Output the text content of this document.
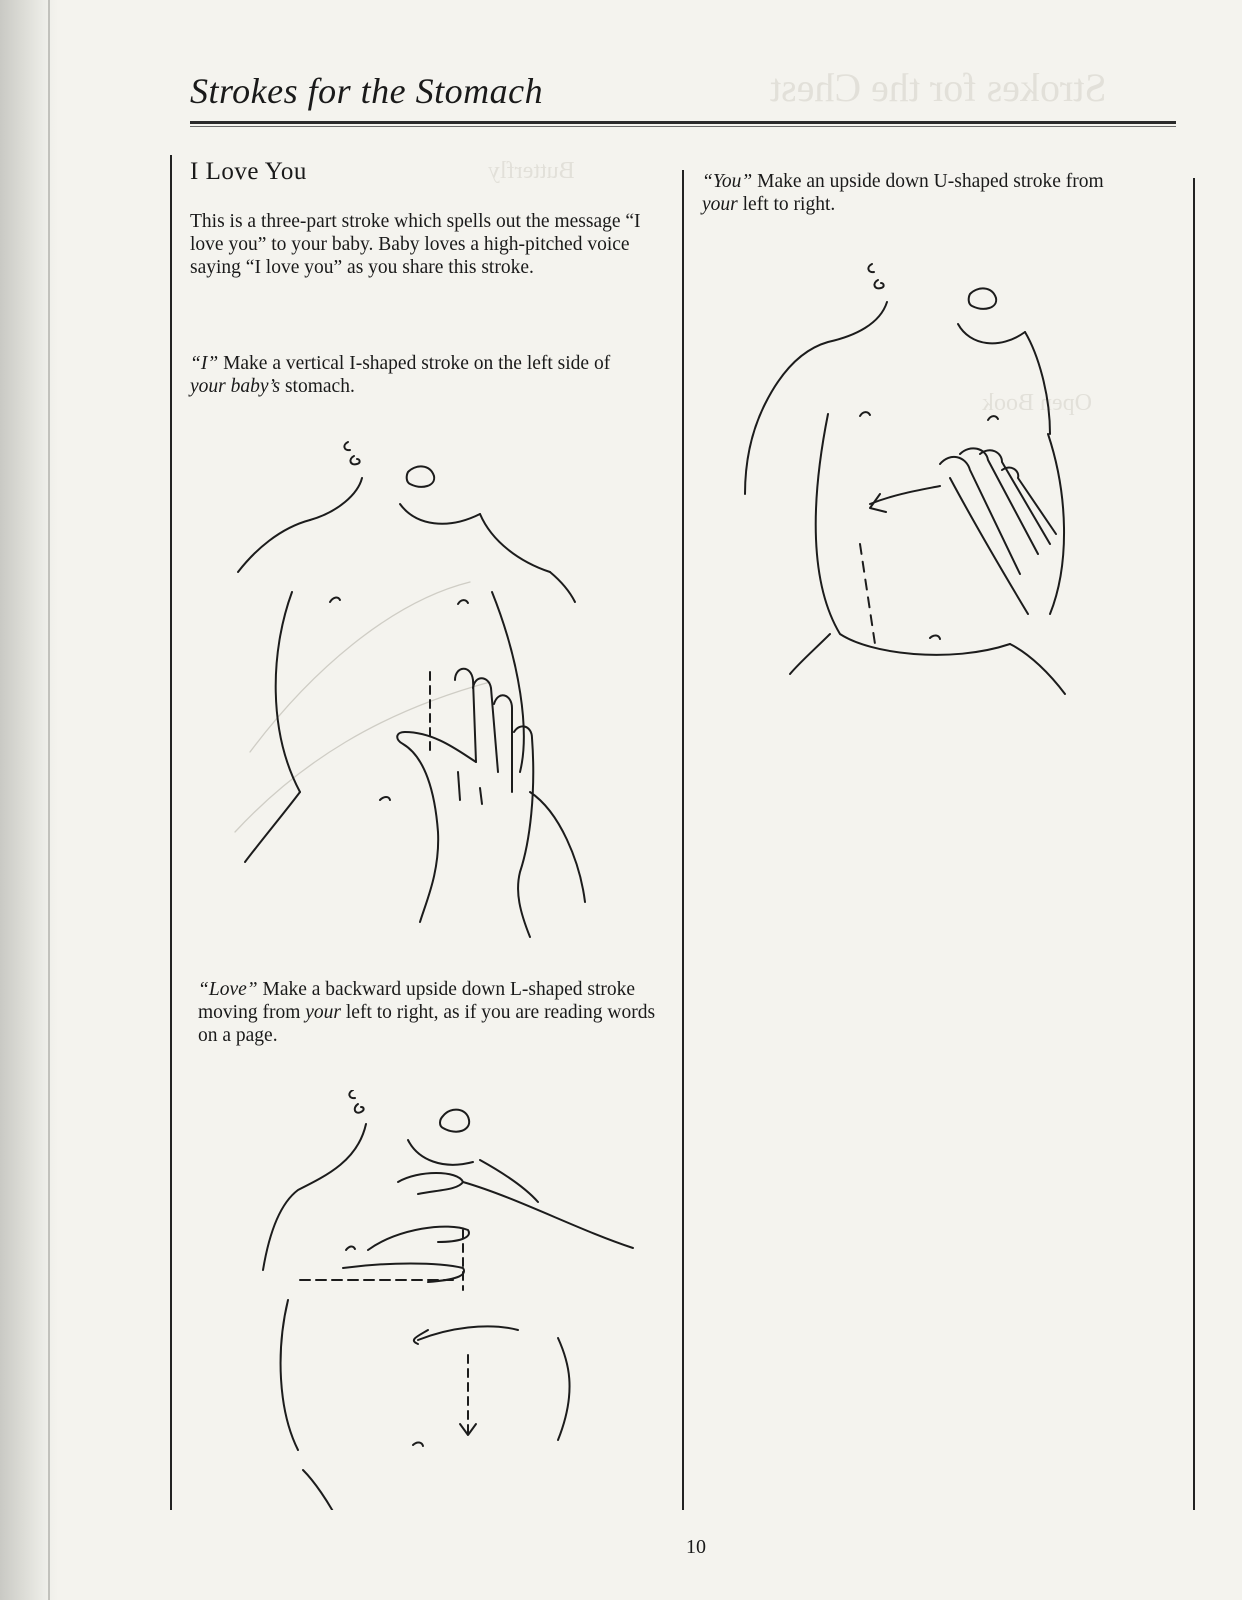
Strokes for the Chest
Butterfly
Open Book
Strokes for the Stomach
I Love You

This is a three-part stroke which spells out the message “I love you” to your baby. Baby loves a high-pitched voice saying “I love you” as you share this stroke.

“I” Make a vertical I-shaped stroke on the left side of your baby’s stomach.

“Love” Make a backward upside down L-shaped stroke moving from your left to right, as if you are reading words on a page.

“You” Make an upside down U-shaped stroke from your left to right.

10
